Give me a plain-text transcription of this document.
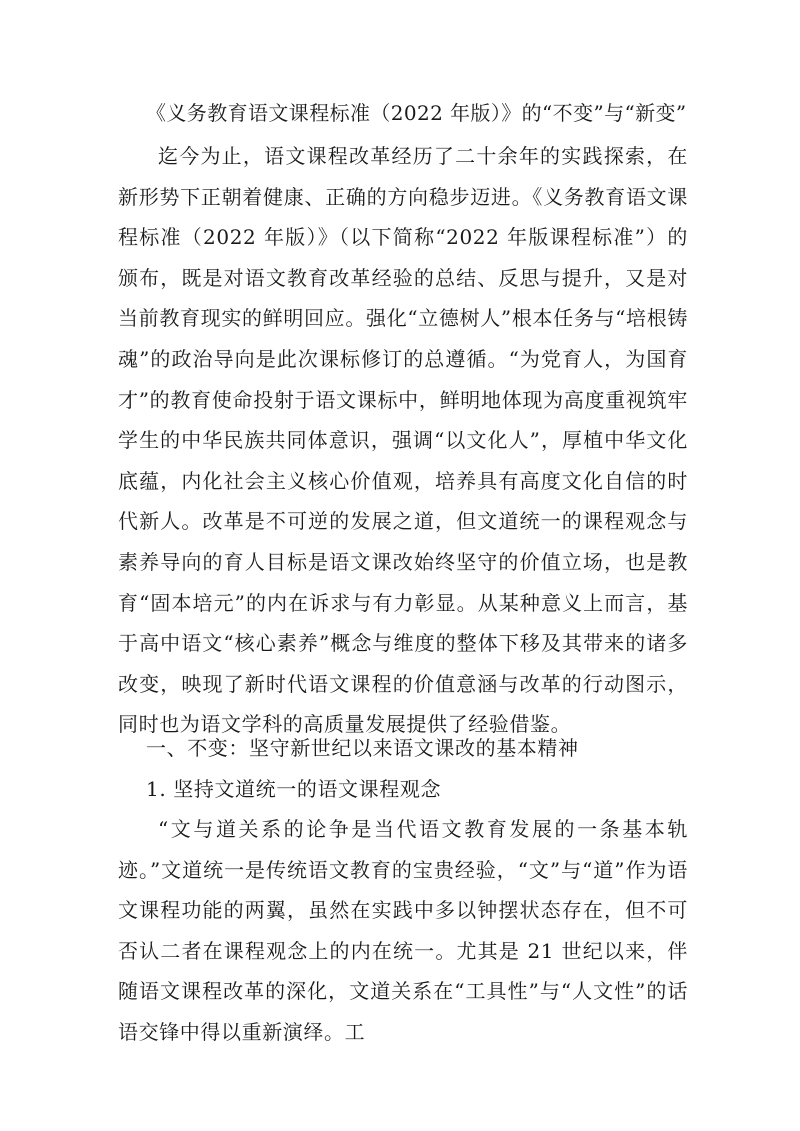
《义务教育语文课程标准（2022 年版）》的“不变”与“新变”

迄今为止，语文课程改革经历了二十余年的实践探索，在新形势下正朝着健康、正确的方向稳步迈进。《义务教育语文课程标准（2022 年版）》（以下简称“2022 年版课程标准”）的颁布，既是对语文教育改革经验的总结、反思与提升，又是对当前教育现实的鲜明回应。强化“立德树人”根本任务与“培根铸魂”的政治导向是此次课标修订的总遵循。“为党育人，为国育才”的教育使命投射于语文课标中，鲜明地体现为高度重视筑牢学生的中华民族共同体意识，强调“以文化人”，厚植中华文化底蕴，内化社会主义核心价值观，培养具有高度文化自信的时代新人。改革是不可逆的发展之道，但文道统一的课程观念与素养导向的育人目标是语文课改始终坚守的价值立场，也是教育“固本培元”的内在诉求与有力彰显。从某种意义上而言，基于高中语文“核心素养”概念与维度的整体下移及其带来的诸多改变，映现了新时代语文课程的价值意涵与改革的行动图示，同时也为语文学科的高质量发展提供了经验借鉴。

一、不变：坚守新世纪以来语文课改的基本精神
1. 坚持文道统一的语文课程观念

“文与道关系的论争是当代语文教育发展的一条基本轨迹。”文道统一是传统语文教育的宝贵经验，“文”与“道”作为语文课程功能的两翼，虽然在实践中多以钟摆状态存在，但不可否认二者在课程观念上的内在统一。尤其是 21 世纪以来，伴随语文课程改革的深化，文道关系在“工具性”与“人文性”的话语交锋中得以重新演绎。工
